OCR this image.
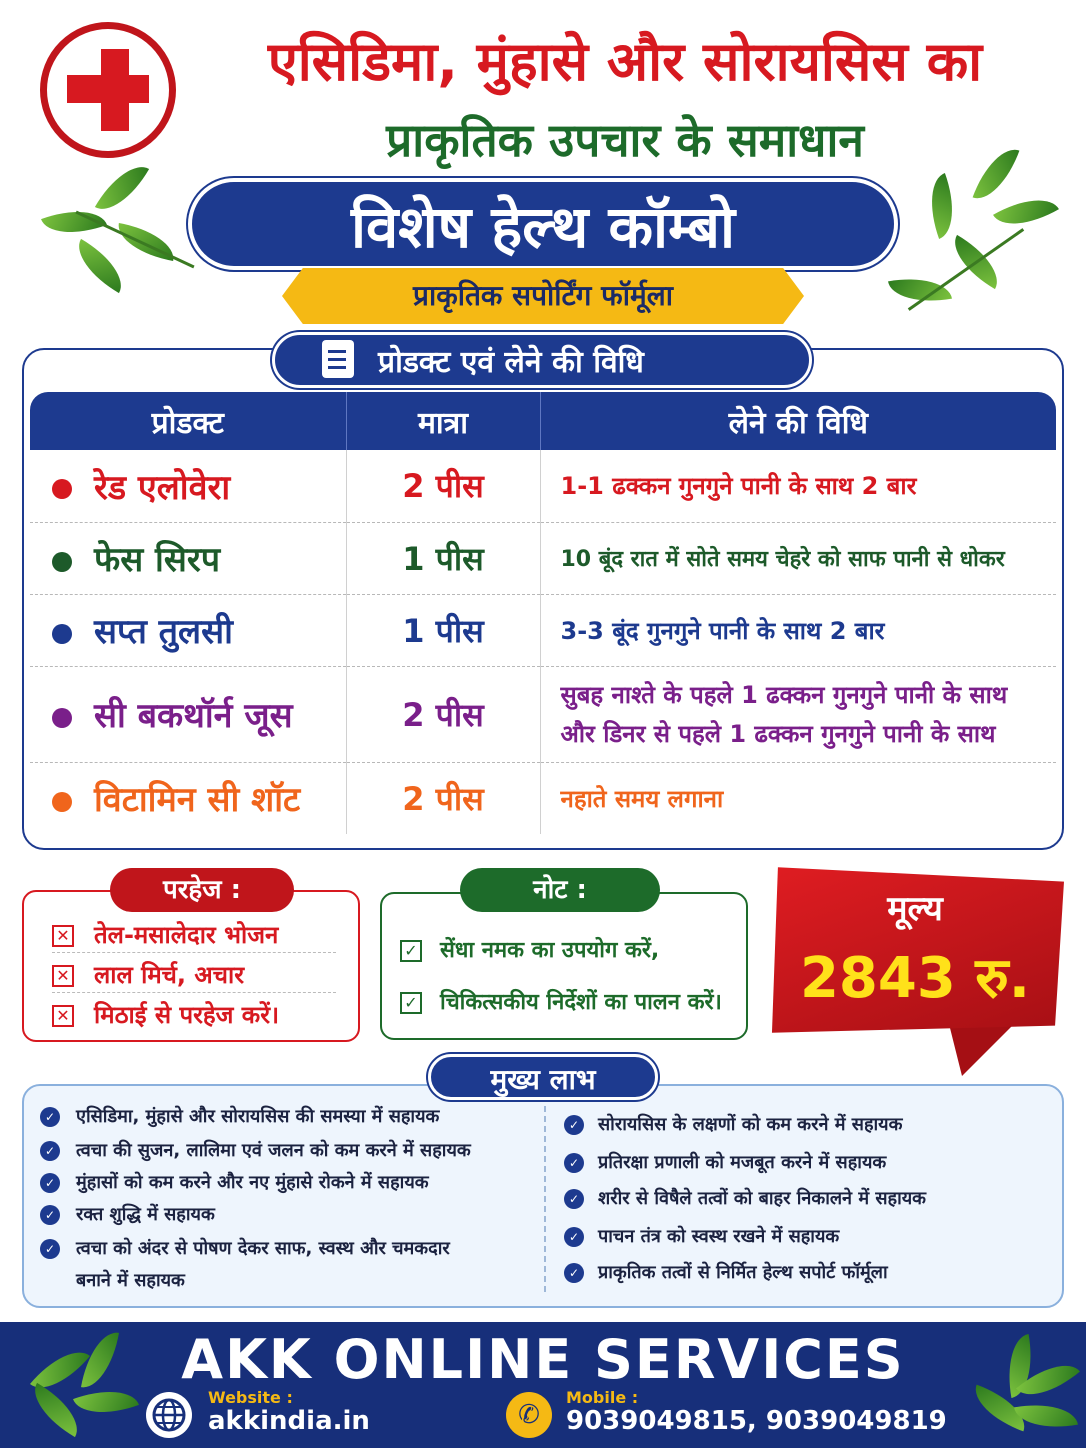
एसिडिमा, मुंहासे और सोरायसिस का
प्राकृतिक उपचार के समाधान
विशेष हेल्थ कॉम्बो
प्राकृतिक सपोर्टिंग फॉर्मूला
प्रोडक्ट एवं लेने की विधि
प्रोडक्ट	मात्रा	लेने की विधि
रेड एलोवेरा	2 पीस	1-1 ढक्कन गुनगुने पानी के साथ 2 बार

फेस सिरप	1 पीस	10 बूंद रात में सोते समय चेहरे को साफ पानी से धोकर

सप्त तुलसी	1 पीस	3-3 बूंद गुनगुने पानी के साथ 2 बार

सी बकथॉर्न जूस	2 पीस	सुबह नाश्ते के पहले 1 ढक्कन गुनगुने पानी के साथ
और डिनर से पहले 1 ढक्कन गुनगुने पानी के साथ

विटामिन सी शॉट	2 पीस	नहाते समय लगाना
परहेज :
✕ तेल-मसालेदार भोजन
✕ लाल मिर्च, अचार
✕ मिठाई से परहेज करें।
नोट :
✓ सेंधा नमक का उपयोग करें,
✓ चिकित्सकीय निर्देशों का पालन करें।
मूल्य
2843 रु.
मुख्य लाभ
✓ एसिडिमा, मुंहासे और सोरायसिस की समस्या में सहायक
✓ त्वचा की सुजन, लालिमा एवं जलन को कम करने में सहायक
✓ मुंहासों को कम करने और नए मुंहासे रोकने में सहायक
✓ रक्त शुद्धि में सहायक
✓ त्वचा को अंदर से पोषण देकर साफ, स्वस्थ और चमकदार
बनाने में सहायक
✓ सोरायसिस के लक्षणों को कम करने में सहायक
✓ प्रतिरक्षा प्रणाली को मजबूत करने में सहायक
✓ शरीर से विषैले तत्वों को बाहर निकालने में सहायक
✓ पाचन तंत्र को स्वस्थ रखने में सहायक
✓ प्राकृतिक तत्वों से निर्मित हेल्थ सपोर्ट फॉर्मूला
AKK ONLINE SERVICES
Website :
akkindia.in	✆
Mobile :
9039049815, 9039049819
